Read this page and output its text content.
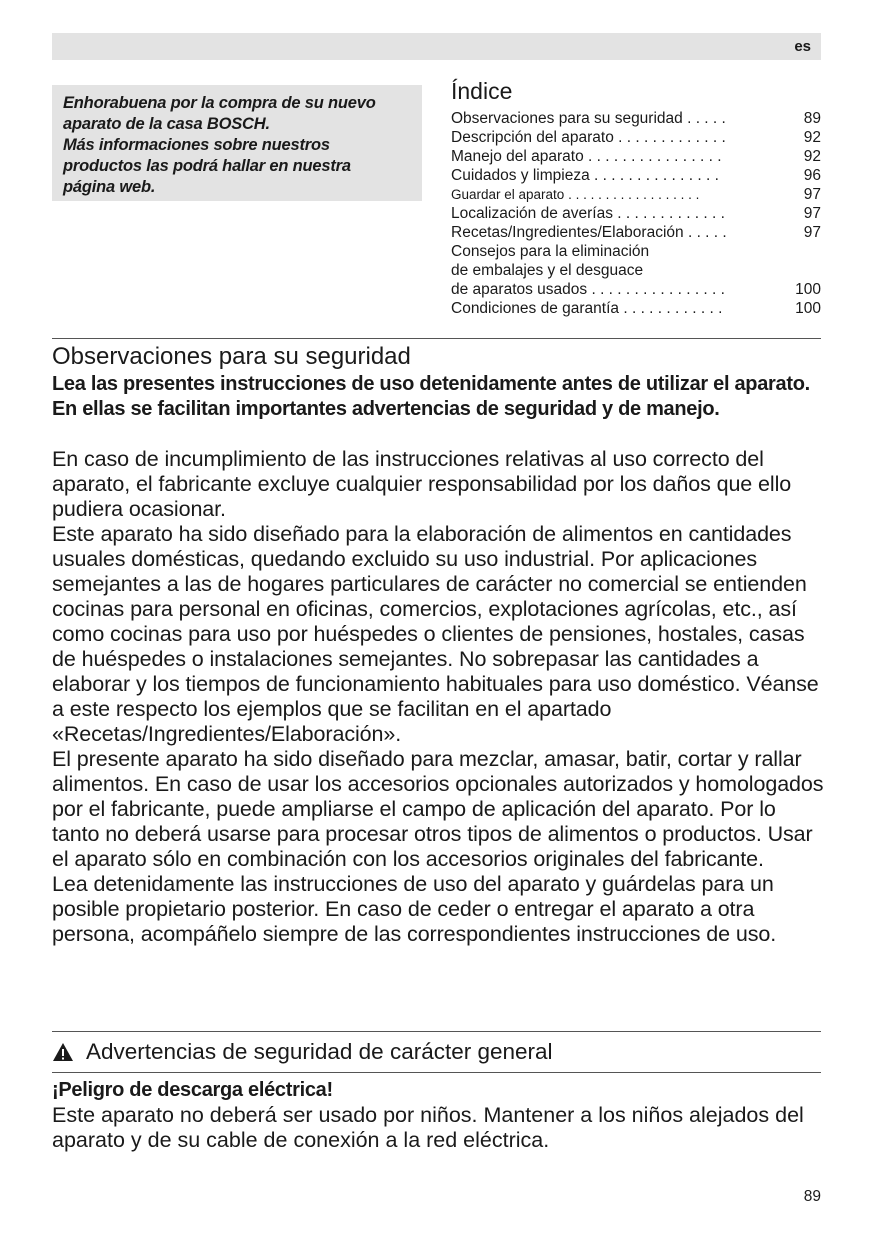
es

Enhorabuena por la compra de su nuevo
aparato de la casa BOSCH.
Más informaciones sobre nuestros
productos las podrá hallar en nuestra
página web.

Índice
Observaciones para su seguridad . . . . .	89
Descripción del aparato . . . . . . . . . . . . .	92
Manejo del aparato . . . . . . . . . . . . . . . .	92
Cuidados y limpieza . . . . . . . . . . . . . . .	96
Guardar el aparato . . . . . . . . . . . . . . . . . .	97
Localización de averías . . . . . . . . . . . . .	97
Recetas/Ingredientes/Elaboración . . . . .	97
Consejos para la eliminación
de embalajes y el desguace
de aparatos usados . . . . . . . . . . . . . . . .	100
Condiciones de garantía . . . . . . . . . . . .	100
Observaciones para su seguridad

Lea las presentes instrucciones de uso detenidamente antes de utilizar el aparato. En ellas se facilitan importantes advertencias de seguridad y de manejo.

En caso de incumplimiento de las instrucciones relativas al uso correcto del aparato, el fabricante excluye cualquier responsabilidad por los daños que ello pudiera ocasionar.

Este aparato ha sido diseñado para la elaboración de alimentos en cantidades usuales domésticas, quedando excluido su uso industrial. Por aplicaciones semejantes a las de hogares particulares de carácter no comercial se entienden cocinas para personal en oficinas, comercios, explotaciones agrícolas, etc., así como cocinas para uso por huéspedes o clientes de pensiones, hostales, casas de huéspedes o instalaciones semejantes. No sobrepasar las cantidades a elaborar y los tiempos de funcionamiento habituales para uso doméstico. Véanse a este respecto los ejemplos que se facilitan en el apartado «Recetas/Ingredientes/Elaboración».

El presente aparato ha sido diseñado para mezclar, amasar, batir, cortar y rallar alimentos. En caso de usar los accesorios opcionales autorizados y homologados por el fabricante, puede ampliarse el campo de aplicación del aparato. Por lo tanto no deberá usarse para procesar otros tipos de alimentos o productos. Usar el aparato sólo en combinación con los accesorios originales del fabricante.

Lea detenidamente las instrucciones de uso del aparato y guárdelas para un posible propietario posterior. En caso de ceder o entregar el aparato a otra persona, acompáñelo siempre de las correspondientes instrucciones de uso.

Advertencias de seguridad de carácter general

¡Peligro de descarga eléctrica!

Este aparato no deberá ser usado por niños. Mantener a los niños alejados del aparato y de su cable de conexión a la red eléctrica.

89
